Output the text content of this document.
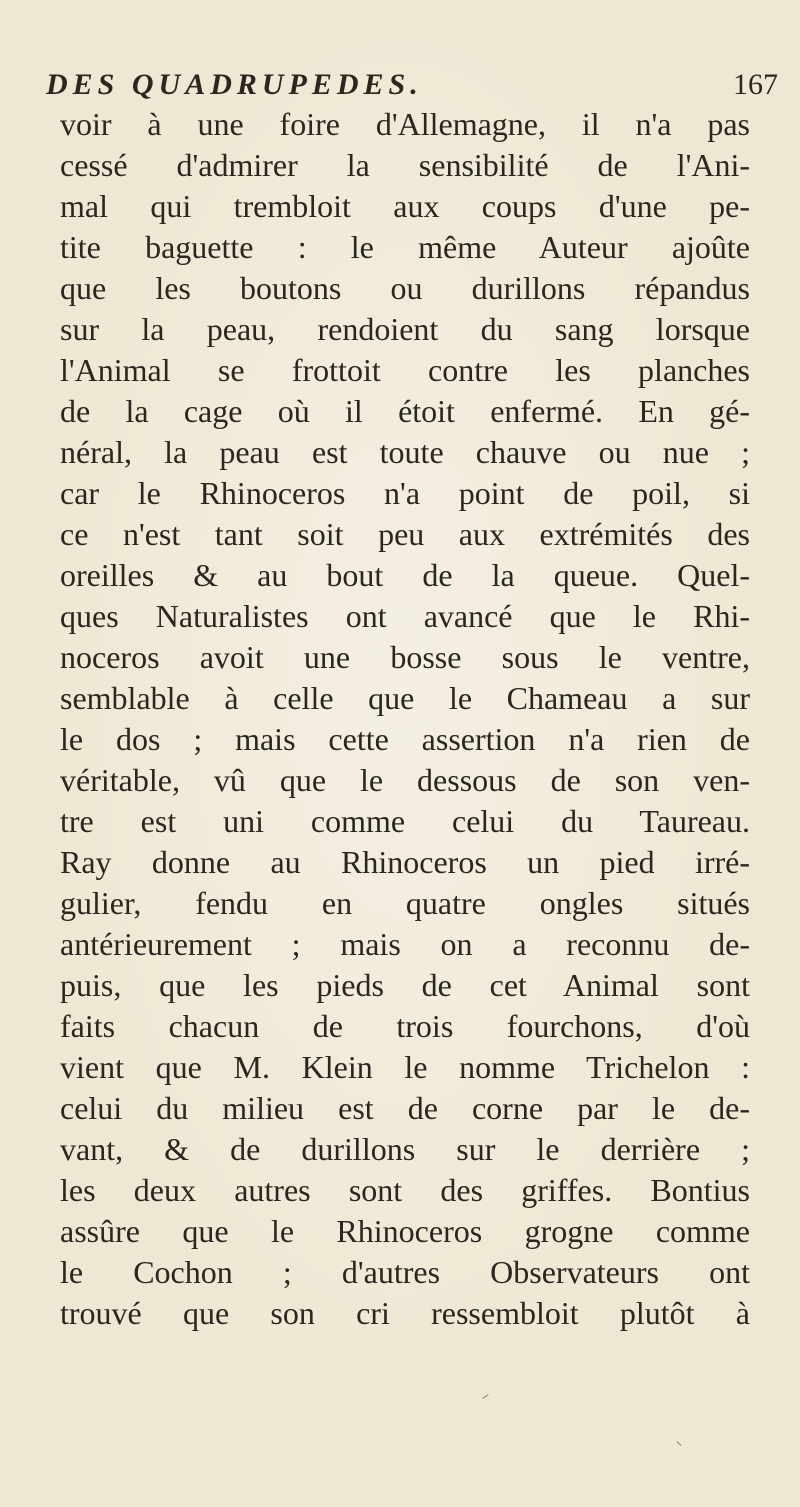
DES QUADRUPEDES.	167
voir à une foire d'Allemagne, il n'a pas
cessé d'admirer la sensibilité de l'Ani-
mal qui trembloit aux coups d'une pe-
tite baguette : le même Auteur ajoûte
que les boutons ou durillons répandus
sur la peau, rendoient du sang lorsque
l'Animal se frottoit contre les planches
de la cage où il étoit enfermé. En gé-
néral, la peau est toute chauve ou nue ;
car le Rhinoceros n'a point de poil, si
ce n'est tant soit peu aux extrémités des
oreilles & au bout de la queue. Quel-
ques Naturalistes ont avancé que le Rhi-
noceros avoit une bosse sous le ventre,
semblable à celle que le Chameau a sur
le dos ; mais cette assertion n'a rien de
véritable, vû que le dessous de son ven-
tre est uni comme celui du Taureau.
Ray donne au Rhinoceros un pied irré-
gulier, fendu en quatre ongles situés
antérieurement ; mais on a reconnu de-
puis, que les pieds de cet Animal sont
faits chacun de trois fourchons, d'où
vient que M. Klein le nomme Trichelon :
celui du milieu est de corne par le de-
vant, & de durillons sur le derrière ;
les deux autres sont des griffes. Bontius
assûre que le Rhinoceros grogne comme
le Cochon ; d'autres Observateurs ont
trouvé que son cri ressembloit plutôt à
